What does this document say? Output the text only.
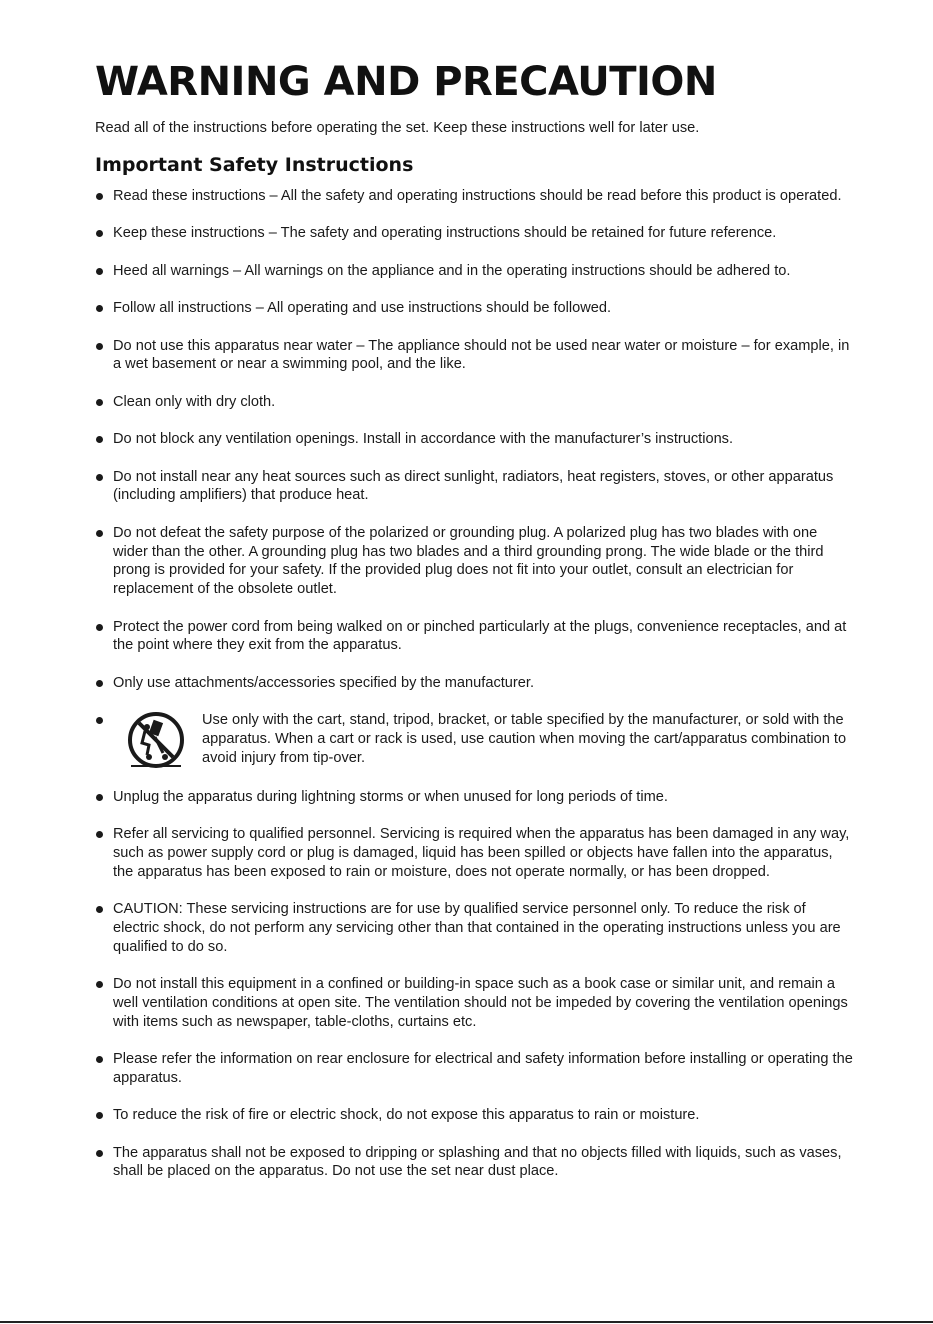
WARNING AND PRECAUTION

Read all of the instructions before operating the set. Keep these instructions well for later use.

Important Safety Instructions
Read these instructions – All the safety and operating instructions should be read before this product is operated.
Keep these instructions – The safety and operating instructions should be retained for future reference.
Heed all warnings – All warnings on the appliance and in the operating instructions should be adhered to.
Follow all instructions – All operating and use instructions should be followed.
Do not use this apparatus near water – The appliance should not be used near water or moisture – for example, in a wet basement or near a swimming pool, and the like.
Clean only with dry cloth.
Do not block any ventilation openings. Install in accordance with the manufacturer’s instructions.
Do not install near any heat sources such as direct sunlight, radiators, heat registers, stoves, or other apparatus (including amplifiers) that produce heat.
Do not defeat the safety purpose of the polarized or grounding plug. A polarized plug has two blades with one wider than the other. A grounding plug has two blades and a third grounding prong. The wide blade or the third prong is provided for your safety. If the provided plug does not fit into your outlet, consult an electrician for replacement of the obsolete outlet.
Protect the power cord from being walked on or pinched particularly at the plugs, convenience receptacles, and at the point where they exit from the apparatus.
Only use attachments/accessories specified by the manufacturer.
Use only with the cart, stand, tripod, bracket, or table specified by the manufacturer, or sold with the apparatus. When a cart or rack is used, use caution when moving the cart/apparatus combination to avoid injury from tip-over.
Unplug the apparatus during lightning storms or when unused for long periods of time.
Refer all servicing to qualified personnel. Servicing is required when the apparatus has been damaged in any way, such as power supply cord or plug is damaged, liquid has been spilled or objects have fallen into the apparatus, the apparatus has been exposed to rain or moisture, does not operate normally, or has been dropped.
CAUTION: These servicing instructions are for use by qualified service personnel only. To reduce the risk of electric shock, do not perform any servicing other than that contained in the operating instructions unless you are qualified to do so.
Do not install this equipment in a confined or building-in space such as a book case or similar unit, and remain a well ventilation conditions at open site. The ventilation should not be impeded by covering the ventilation openings with items such as newspaper, table-cloths, curtains etc.
Please refer the information on rear enclosure for electrical and safety information before installing or operating the apparatus.
To reduce the risk of fire or electric shock, do not expose this apparatus to rain or moisture.
The apparatus shall not be exposed to dripping or splashing and that no objects filled with liquids, such as vases, shall be placed on the apparatus. Do not use the set near dust place.
